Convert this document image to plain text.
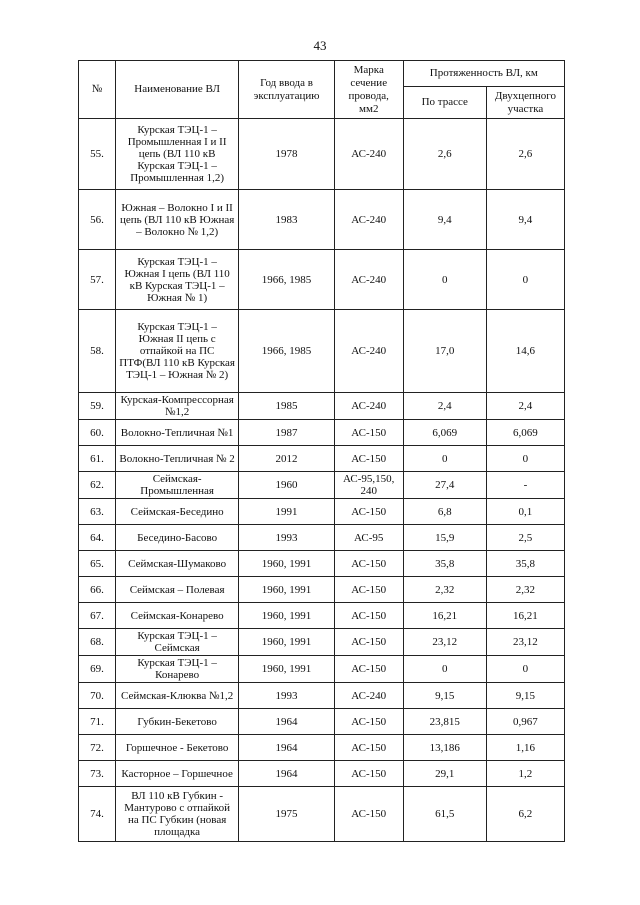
43
№	Наименование ВЛ	Год ввода в эксплуатацию	Марка сечение провода, мм2	Протяженность ВЛ, км	
				По трассе	Двухцепного участка
55.	Курская ТЭЦ-1 – Промышленная I и II цепь (ВЛ 110 кВ Курская ТЭЦ-1 – Промышленная 1,2)	1978	АС-240	2,6	2,6
56.	Южная – Волокно I и II цепь (ВЛ 110 кВ Южная – Волокно № 1,2)	1983	АС-240	9,4	9,4
57.	Курская ТЭЦ-1 – Южная I цепь (ВЛ 110 кВ Курская ТЭЦ-1 – Южная № 1)	1966, 1985	АС-240	0	0
58.	Курская ТЭЦ-1 – Южная II цепь с отпайкой на ПС ПТФ(ВЛ 110 кВ Курская ТЭЦ-1 – Южная № 2)	1966, 1985	АС-240	17,0	14,6
59.	Курская-Компрессорная №1,2	1985	АС-240	2,4	2,4
60.	Волокно-Тепличная №1	1987	АС-150	6,069	6,069
61.	Волокно-Тепличная № 2	2012	АС-150	0	0
62.	Сеймская-Промышленная	1960	АС-95,150, 240	27,4	-
63.	Сеймская-Беседино	1991	АС-150	6,8	0,1
64.	Беседино-Басово	1993	АС-95	15,9	2,5
65.	Сеймская-Шумаково	1960, 1991	АС-150	35,8	35,8
66.	Сеймская – Полевая	1960, 1991	АС-150	2,32	2,32
67.	Сеймская-Конарево	1960, 1991	АС-150	16,21	16,21
68.	Курская ТЭЦ-1 – Сеймская	1960, 1991	АС-150	23,12	23,12
69.	Курская ТЭЦ-1 – Конарево	1960, 1991	АС-150	0	0
70.	Сеймская-Клюква №1,2	1993	АС-240	9,15	9,15
71.	Губкин-Бекетово	1964	АС-150	23,815	0,967
72.	Горшечное - Бекетово	1964	АС-150	13,186	1,16
73.	Касторное – Горшечное	1964	АС-150	29,1	1,2
74.	ВЛ 110 кВ Губкин - Мантурово с отпайкой на ПС Губкин (новая площадка	1975	АС-150	61,5	6,2
